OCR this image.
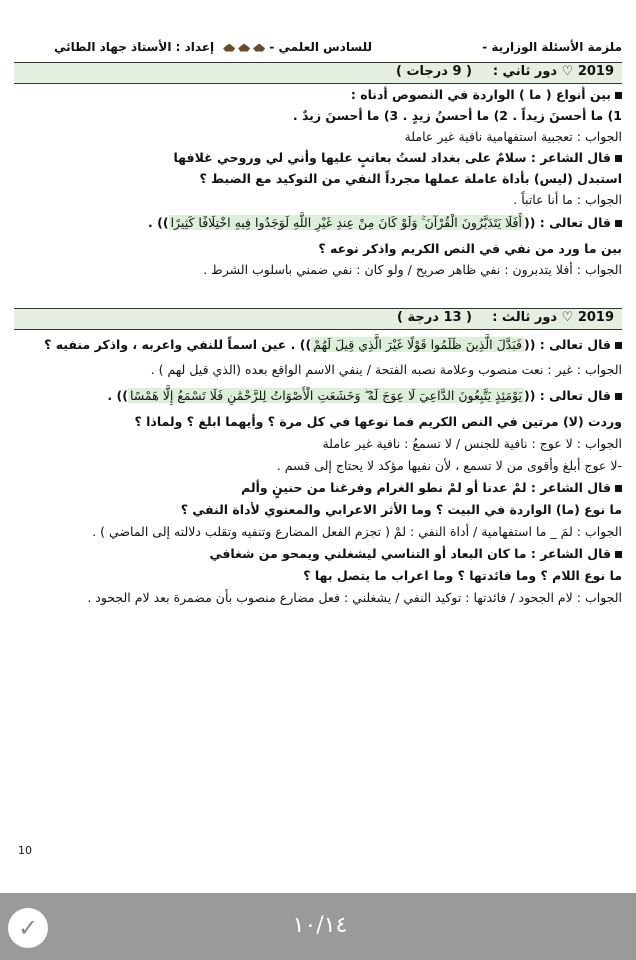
ملزمة الأسئلة الوزارية -
للسادس العلمي -
إعداد : الأستاذ جهاد الطائي
2019 ♡ دور ثاني :
( 9 درجات )
بين أنواع ( ما ) الواردة في النصوص أدناه :
1) ما أحسنَ زيداً . 2) ما أحسنُ زيدٍ . 3) ما أحسنَ زيدٌ .
الجواب : تعجبية استفهامية نافية غير عاملة
قال الشاعر : سلامٌ على بغداد لستُ بعاتبٍ عليها وأني لي وروحي غلافها
استبدل (ليس) بأداة عاملة عملها مجرداً النفي من التوكيد مع الضبط ؟
الجواب : ما أنا عاتباً .
قال تعالى : ((أَفَلَا يَتَدَبَّرُونَ الْقُرْآنَ ۚ وَلَوْ كَانَ مِنْ عِندِ غَيْرِ اللَّهِ لَوَجَدُوا فِيهِ اخْتِلَافًا كَثِيرًا)) .
بين ما ورد من نفي في النص الكريم واذكر نوعه ؟
الجواب : أفلا يتدبرون : نفي ظاهر صريح / ولو كان : نفي ضمني باسلوب الشرط .
2019 ♡ دور ثالث :
( 13 درجة )
قال تعالى : ((فَبَدَّلَ الَّذِينَ ظَلَمُوا قَوْلًا غَيْرَ الَّذِي قِيلَ لَهُمْ)) . عين اسماً للنفي واعربه ، واذكر منفيه ؟
الجواب : غير : نعت منصوب وعلامة نصبه الفتحة / ينفي الاسم الواقع بعده (الذي قيل لهم ) .
قال تعالى : ((يَوْمَئِذٍ يَتَّبِعُونَ الدَّاعِيَ لَا عِوَجَ لَهُ ۖ وَخَشَعَتِ الْأَصْوَاتُ لِلرَّحْمَٰنِ فَلَا تَسْمَعُ إِلَّا هَمْسًا)) .
وردت (لا) مرتين في النص الكريم فما نوعها في كل مرة ؟ وأيهما ابلغ ؟ ولماذا ؟
الجواب : لا عوج : نافية للجنس / لا تسمعُ : نافية غير عاملة
-لا عوج أبلغ وأقوى من لا تسمع ، لأن نفيها مؤكد لا يحتاج إلى قسم .
قال الشاعر : لمْ عدنا أو لمْ نطو الغرام وفرغنا من حنينٍ وألم
ما نوع (ما) الواردة في البيت ؟ وما الأثر الاعرابي والمعنوي لأداة النفي ؟
الجواب : لمَ _ ما استفهامية / أداة النفي : لمْ ( تجزم الفعل المضارع وتنفيه وتقلب دلالته إلى الماضي ) .
قال الشاعر : ما كان البعاد أو التناسي ليشغلني ويمحو من شغافي
ما نوع اللام ؟ وما فائدتها ؟ وما اعراب ما يتصل بها ؟
الجواب : لام الجحود / فائدتها : توكيد النفي / يشغلني : فعل مضارع منصوب بأن مضمرة بعد لام الجحود .
10
✓	١٠/١٤
